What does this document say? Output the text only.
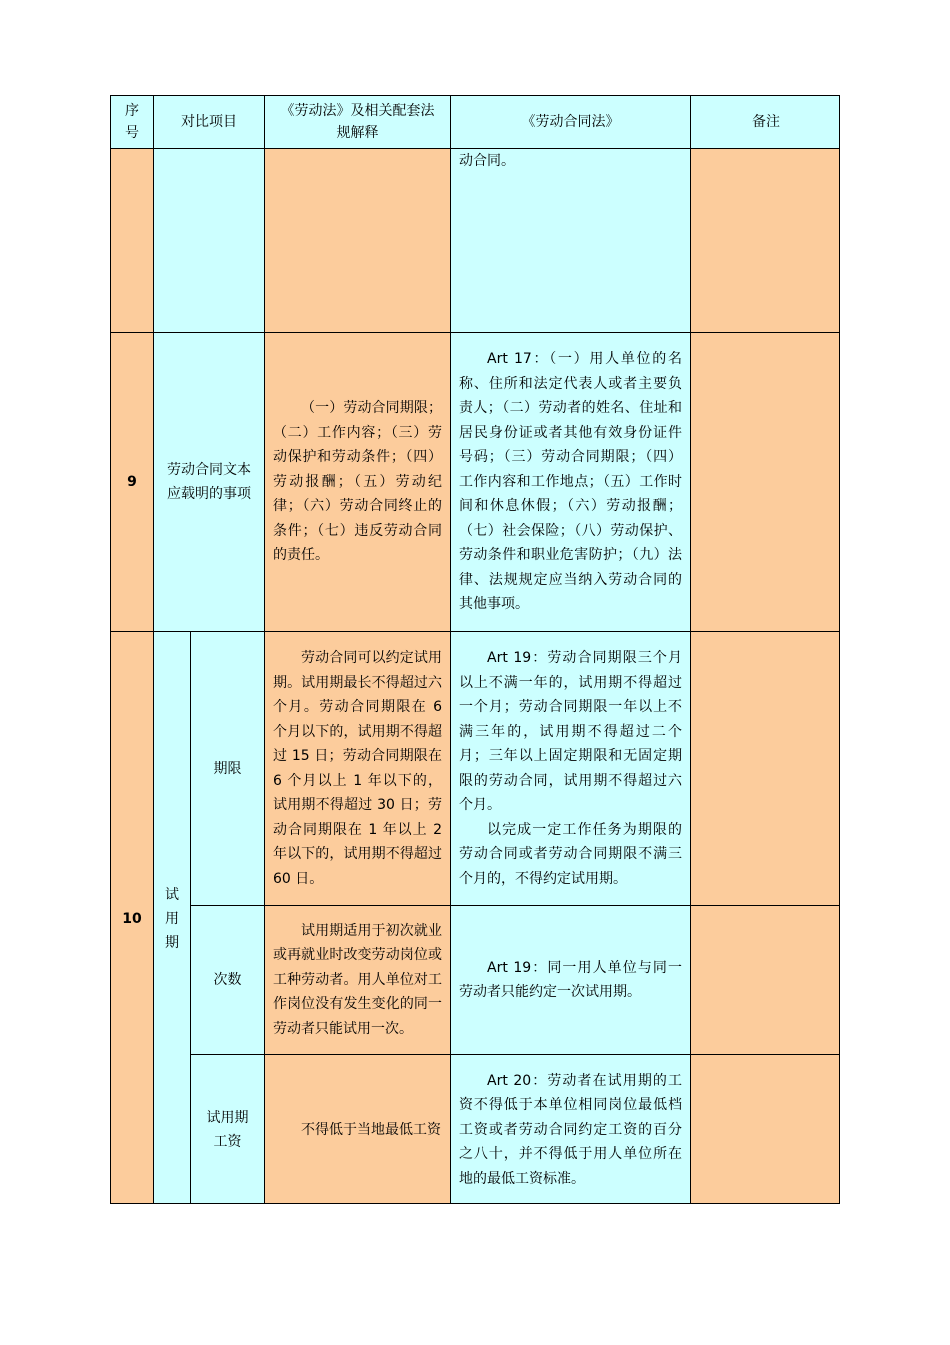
序号
对比项目
《劳动法》及相关配套法规解释
《劳动合同法》	备注

动合同。

9
劳动合同文本应载明的事项

（一）劳动合同期限；（二）工作内容；（三）劳动保护和劳动条件；（四）劳动报酬；（五）劳动纪律；（六）劳动合同终止的条件；（七）违反劳动合同的责任。

Art 17：（一）用人单位的名称、住所和法定代表人或者主要负责人；（二）劳动者的姓名、住址和居民身份证或者其他有效身份证件号码；（三）劳动合同期限；（四）工作内容和工作地点；（五）工作时间和休息休假；（六）劳动报酬；（七）社会保险；（八）劳动保护、劳动条件和职业危害防护；（九）法律、法规规定应当纳入劳动合同的其他事项。

10
试用期
期限

劳动合同可以约定试用期。试用期最长不得超过六个月。劳动合同期限在 6 个月以下的，试用期不得超过 15 日；劳动合同期限在 6 个月以上 1 年以下的，试用期不得超过 30 日；劳动合同期限在 1 年以上 2 年以下的，试用期不得超过 60 日。

Art 19：劳动合同期限三个月以上不满一年的，试用期不得超过一个月；劳动合同期限一年以上不满三年的，试用期不得超过二个月；三年以上固定期限和无固定期限的劳动合同，试用期不得超过六个月。

以完成一定工作任务为期限的劳动合同或者劳动合同期限不满三个月的，不得约定试用期。

次数

试用期适用于初次就业或再就业时改变劳动岗位或工种劳动者。用人单位对工作岗位没有发生变化的同一劳动者只能试用一次。

Art 19：同一用人单位与同一劳动者只能约定一次试用期。

试用期工资

不得低于当地最低工资

Art 20：劳动者在试用期的工资不得低于本单位相同岗位最低档工资或者劳动合同约定工资的百分之八十，并不得低于用人单位所在地的最低工资标准。
